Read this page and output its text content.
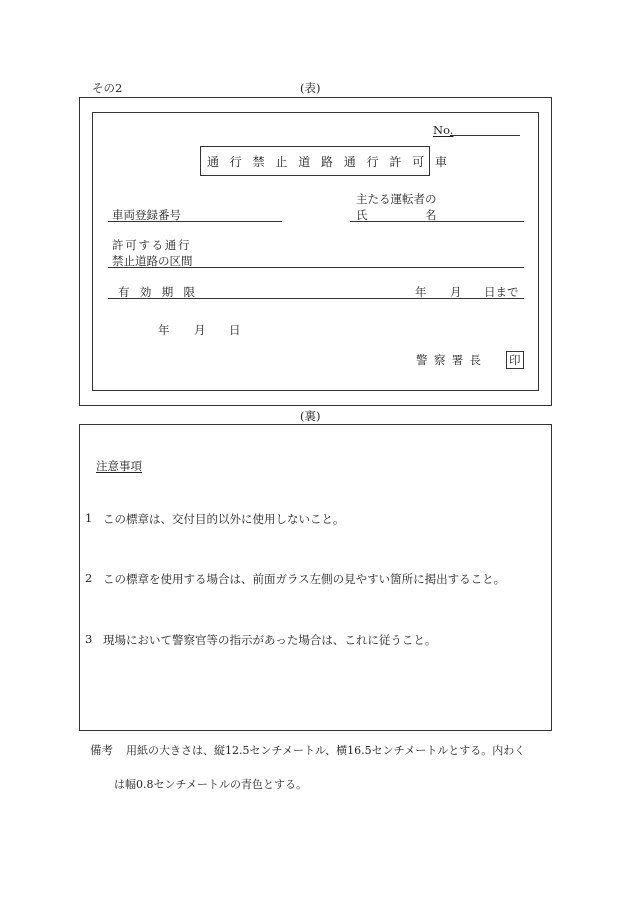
その2	(表)
No.
通行禁止道路通行許可車
車両登録番号
主たる運転者の
氏	名
許可する通行
禁止道路の区間
有効期限	年 月 日まで
年 月 日
警察署長 印
(裏)
注意事項
1 この標章は、交付目的以外に使用しないこと。
2 この標章を使用する場合は、前面ガラス左側の見やすい箇所に掲出すること。
3 現場において警察官等の指示があった場合は、これに従うこと。
備考 用紙の大きさは、縦12.5センチメートル、横16.5センチメートルとする。内わく
は幅0.8センチメートルの青色とする。
